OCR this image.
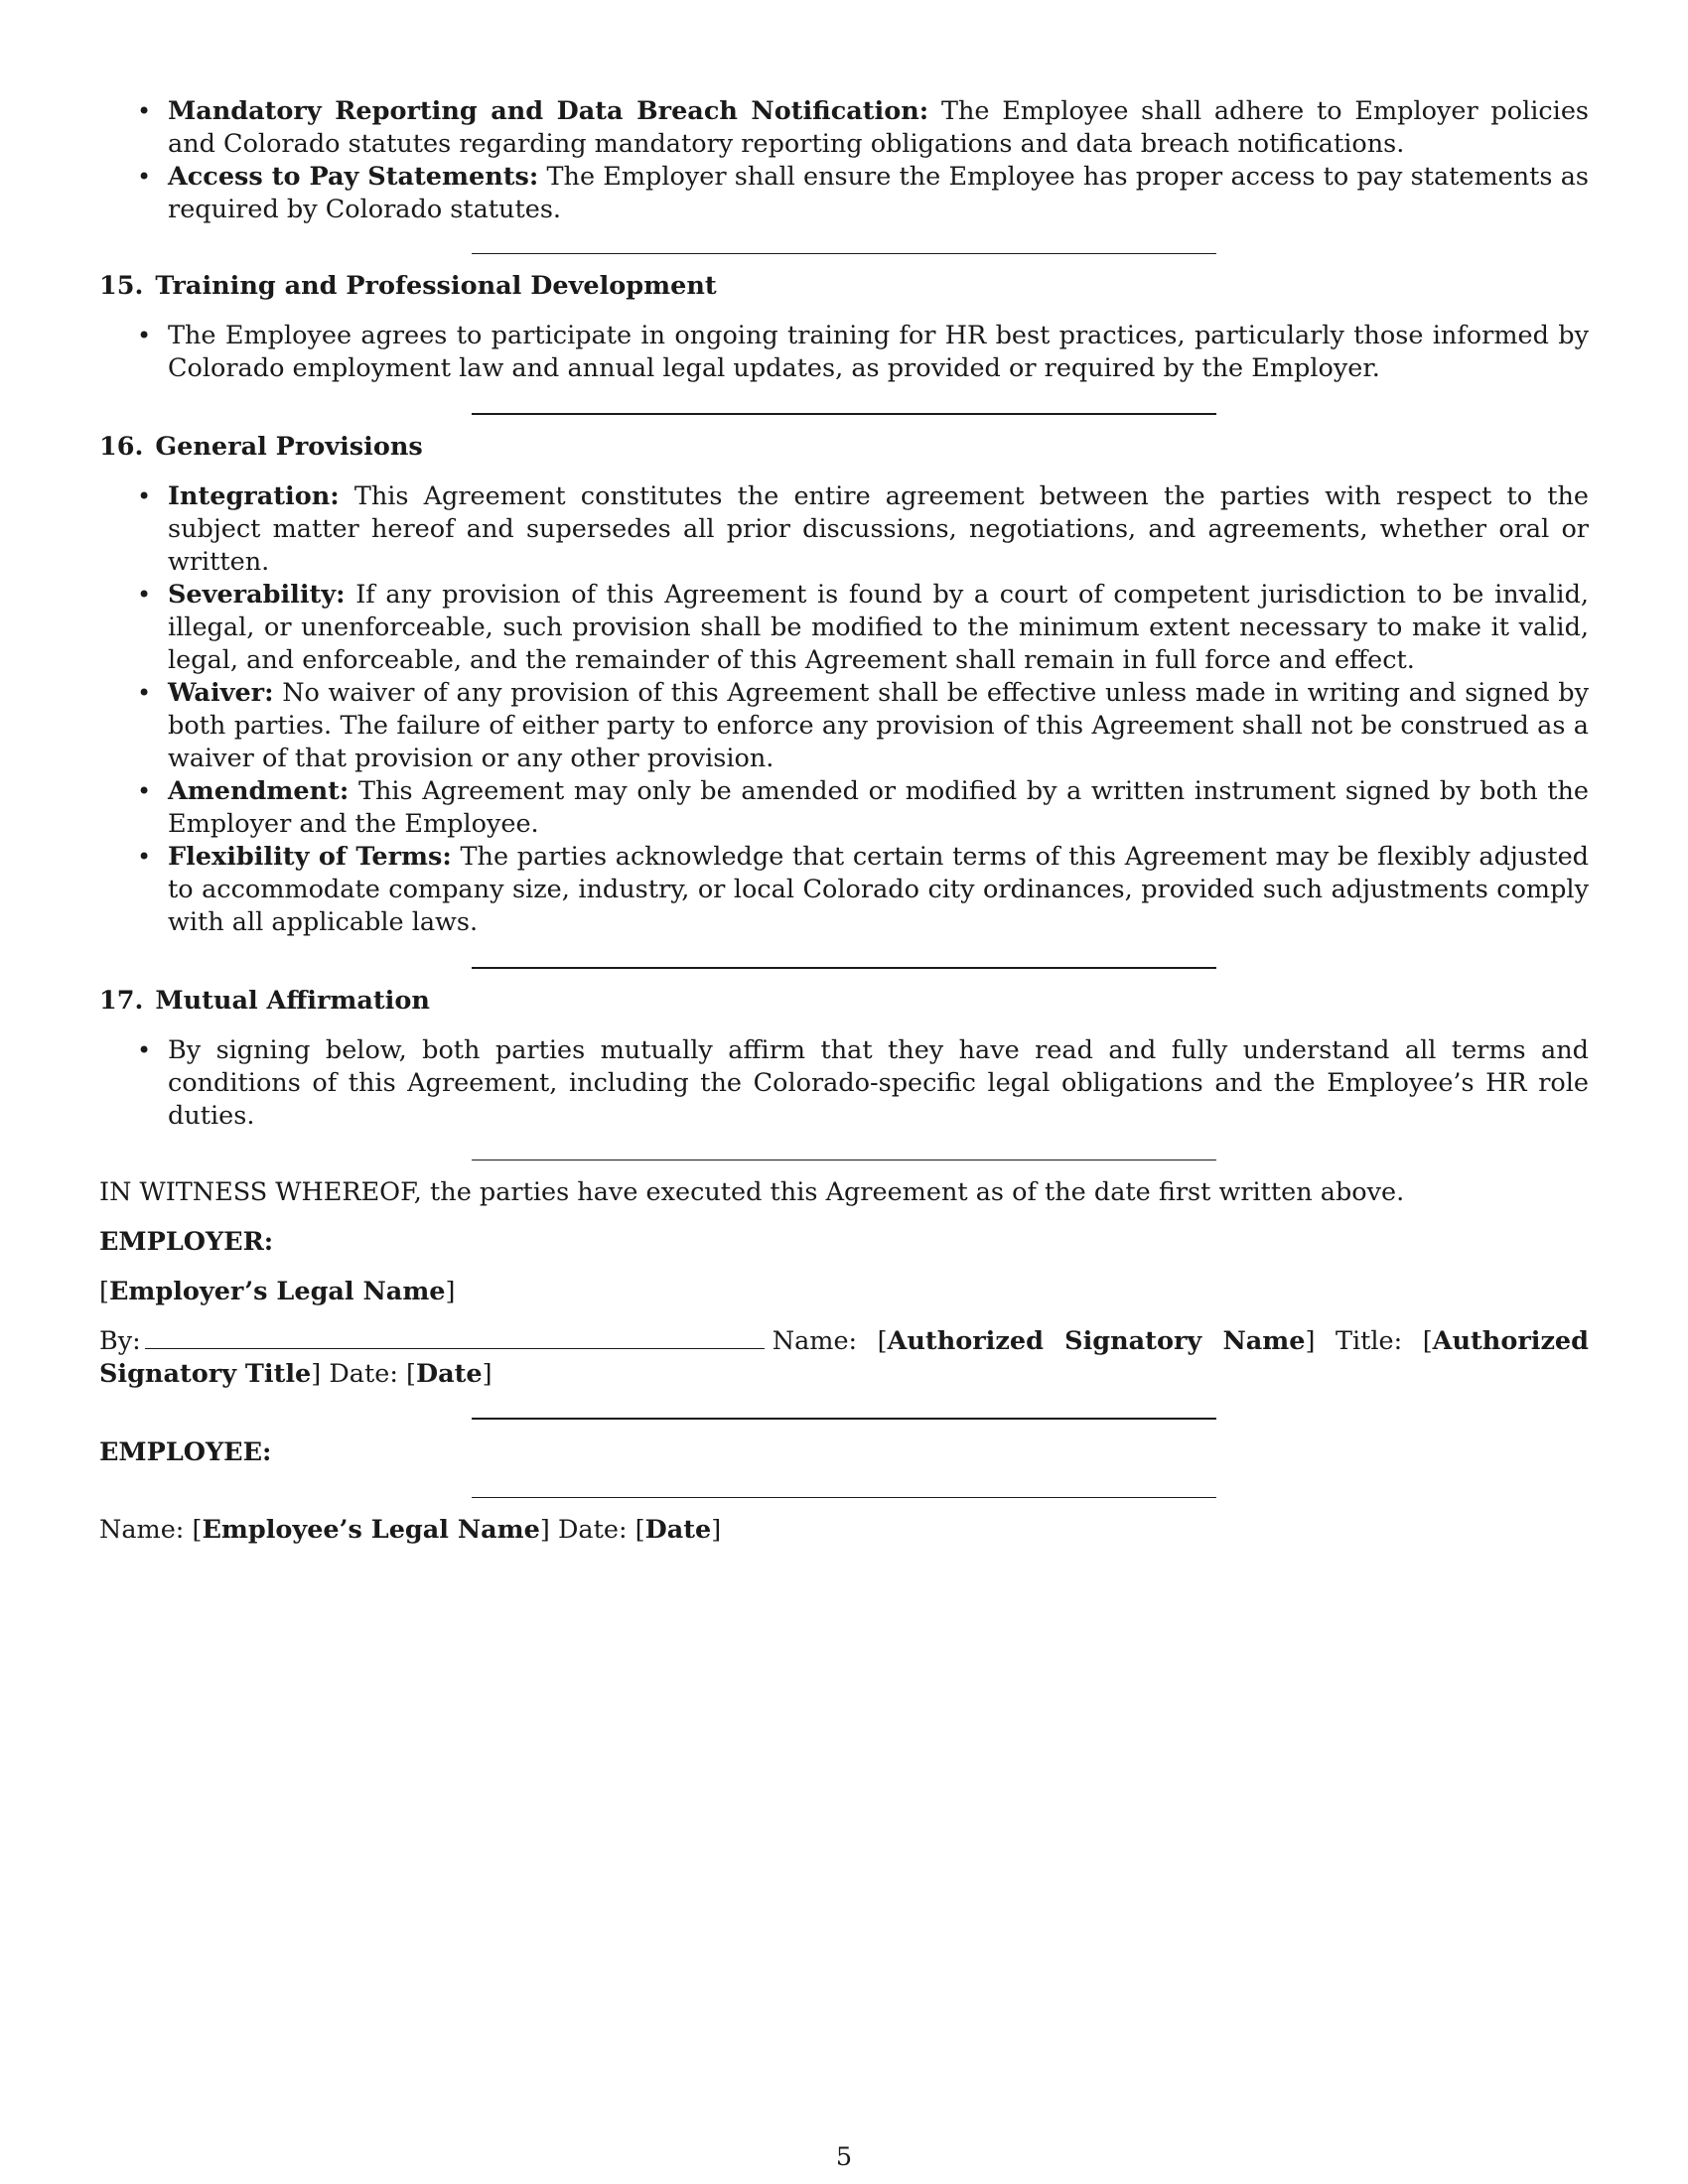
• Mandatory Reporting and Data Breach Notification: The Employee shall adhere to Employer policies and Colorado statutes regarding mandatory reporting obligations and data breach notifications.
• Access to Pay Statements: The Employer shall ensure the Employee has proper access to pay statements as required by Colorado statutes.
15. Training and Professional Development
• The Employee agrees to participate in ongoing training for HR best practices, particularly those informed by Colorado employment law and annual legal updates, as provided or required by the Employer.
16. General Provisions
• Integration: This Agreement constitutes the entire agreement between the parties with respect to the subject matter hereof and supersedes all prior discussions, negotiations, and agreements, whether oral or written.
• Severability: If any provision of this Agreement is found by a court of competent jurisdiction to be invalid, illegal, or unenforceable, such provision shall be modified to the minimum extent necessary to make it valid, legal, and enforceable, and the remainder of this Agreement shall remain in full force and effect.
• Waiver: No waiver of any provision of this Agreement shall be effective unless made in writing and signed by both parties. The failure of either party to enforce any provision of this Agreement shall not be construed as a waiver of that provision or any other provision.
• Amendment: This Agreement may only be amended or modified by a written instrument signed by both the Employer and the Employee.
• Flexibility of Terms: The parties acknowledge that certain terms of this Agreement may be flexibly adjusted to accommodate company size, industry, or local Colorado city ordinances, provided such adjustments comply with all applicable laws.
17. Mutual Affirmation
• By signing below, both parties mutually affirm that they have read and fully understand all terms and conditions of this Agreement, including the Colorado-specific legal obligations and the Employee’s HR role duties.

IN WITNESS WHEREOF, the parties have executed this Agreement as of the date first written above.

EMPLOYER:

[Employer’s Legal Name]

By:	Name: [Authorized Signatory Name] Title: [Authorized Signatory Title] Date: [Date]

EMPLOYEE:

Name: [Employee’s Legal Name] Date: [Date]

5
